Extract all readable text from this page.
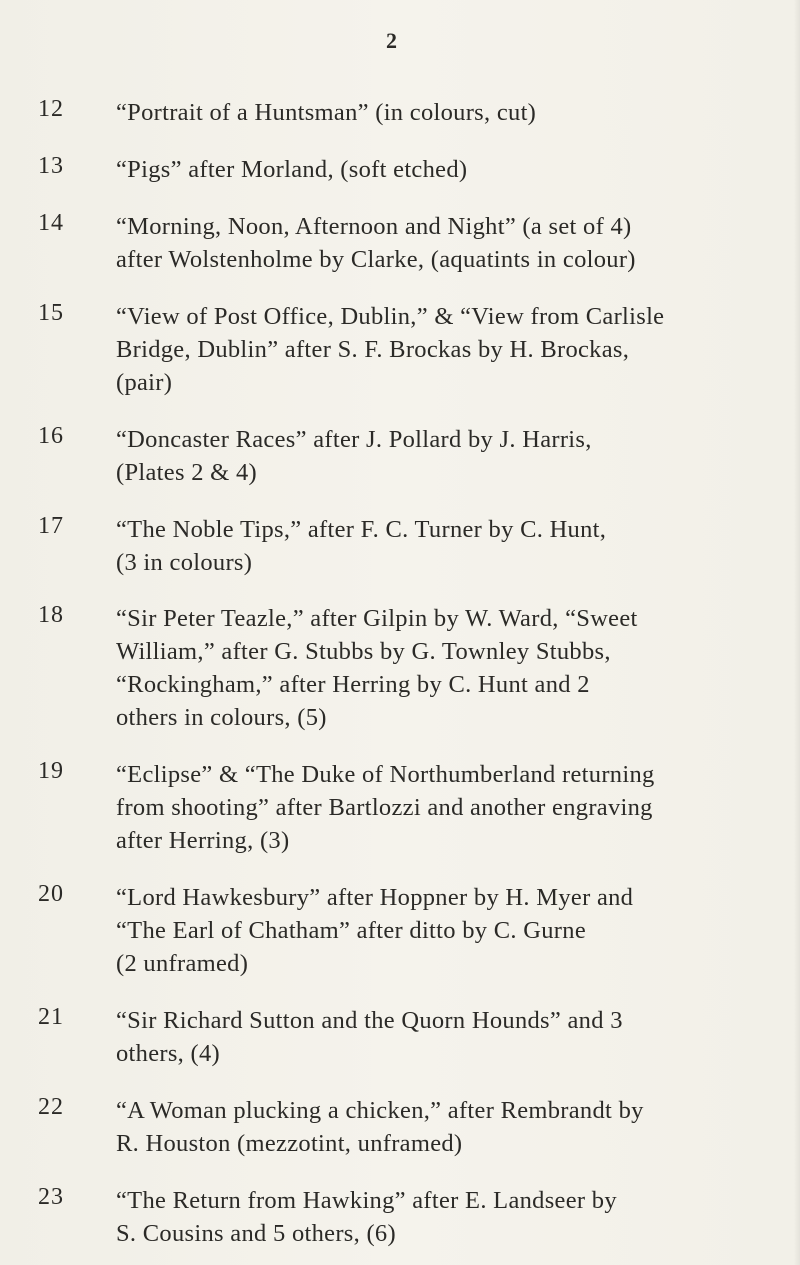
2
12 “Portrait of a Huntsman” (in colours, cut)
13 “Pigs” after Morland, (soft etched)
14 “Morning, Noon, Afternoon and Night” (a set of 4)
after Wolstenholme by Clarke, (aquatints in colour)
15 “View of Post Office, Dublin,” & “View from Carlisle
Bridge, Dublin” after S. F. Brockas by H. Brockas,
(pair)
16 “Doncaster Races” after J. Pollard by J. Harris,
(Plates 2 & 4)
17 “The Noble Tips,” after F. C. Turner by C. Hunt,
(3 in colours)
18 “Sir Peter Teazle,” after Gilpin by W. Ward, “Sweet
William,” after G. Stubbs by G. Townley Stubbs,
“Rockingham,” after Herring by C. Hunt and 2
others in colours, (5)
19 “Eclipse” & “The Duke of Northumberland returning
from shooting” after Bartlozzi and another engraving
after Herring, (3)
20 “Lord Hawkesbury” after Hoppner by H. Myer and
“The Earl of Chatham” after ditto by C. Gurne
(2 unframed)
21 “Sir Richard Sutton and the Quorn Hounds” and 3
others, (4)
22 “A Woman plucking a chicken,” after Rembrandt by
R. Houston (mezzotint, unframed)
23 “The Return from Hawking” after E. Landseer by
S. Cousins and 5 others, (6)
